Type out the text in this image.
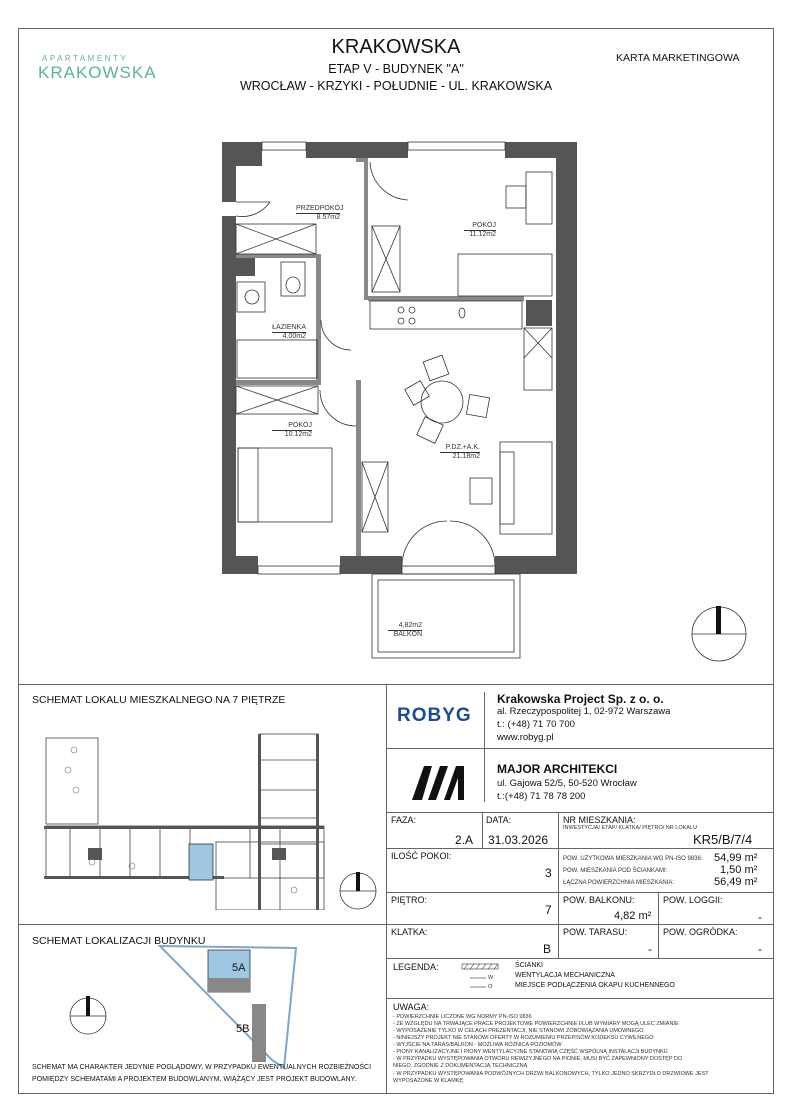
APARTAMENTY
KRAKOWSKA
KRAKOWSKA
ETAP V - BUDYNEK "A"
WROCŁAW - KRZYKI - POŁUDNIE - UL. KRAKOWSKA
KARTA MARKETINGOWA
PRZEDPOKÓJ
8.57m2
POKÓJ
11.12m2
ŁAZIENKA
4.00m2
POKÓJ
10.12m2
P.DZ.+A.K.
21.18m2
4,82m2
BALKON
SCHEMAT LOKALU MIESZKALNEGO NA 7 PIĘTRZE
SCHEMAT LOKALIZACJI BUDYNKU
5A
5B
SCHEMAT MA CHARAKTER JEDYNIE POGLĄDOWY, W PRZYPADKU EWENTUALNYCH ROZBIEŻNOŚCI
POMIĘDZY SCHEMATAMI A PROJEKTEM BUDOWLANYM, WIĄŻĄCY JEST PROJEKT BUDOWLANY.
ROBYG
Krakowska Project Sp. z o. o.
al. Rzeczypospolitej 1, 02-972 Warszawa
t.: (+48) 71 70 700
www.robyg.pl
MAJOR ARCHITEKCI
ul. Gajowa 52/5, 50-520 Wrocław
t.:(+48) 71 78 78 200
FAZA:
2.A
DATA:
31.03.2026
NR MIESZKANIA:
INWESTYCJA/ ETAP/ KLATKA/ PIĘTRO/ NR LOKALU
KR5/B/7/4
ILOŚĆ POKOI:
3
POW. UŻYTKOWA MIESZKANIA WG PN-ISO 9836: 54,99 m²
POW. MIESZKANIA POD ŚCIANKAMI:	1,50 m²
ŁĄCZNA POWIERZCHNIA MIESZKANIA:	56,49 m²
PIĘTRO:
7
POW. BALKONU:
4,82 m²
POW. LOGGII:
-
KLATKA:
B
POW. TARASU:
-
POW. OGRÓDKA:
-
LEGENDA:
W
O
ŚCIANKI
WENTYLACJA MECHANICZNA
MIEJSCE PODŁĄCZENIA OKAPU KUCHENNEGO
UWAGA:
- POWIERZCHNIE LICZONE WG NORMY PN-ISO 9836
- ZE WZGLĘDU NA TRWAJĄCE PRACE PROJEKTOWE POWIERZCHNIE I/LUB WYMIARY MOGĄ ULEC ZMIANIE
- WYPOSAŻENIE TYLKO W CELACH PREZENTACJI, NIE STANOWI ZOBOWIĄZANIA UMOWNEGO
- NINIEJSZY PROJEKT NIE STANOWI OFERTY W ROZUMIENIU PRZEPISÓW KODEKSU CYWILNEGO
- WYJŚCIE NA TARAS/BALKON - MOŻLIWA RÓŻNICA POZIOMÓW
- PIONY KANALIZACYJNE I PIONY WENTYLACYJNE STANOWIĄ CZĘŚĆ WSPÓLNĄ INSTALACJI BUDYNKU
- W PRZYPADKU WYSTĘPOWANIA OTWORU REWIZYJNEGO NA PIONIE, MUSI BYĆ ZAPEWNIONY DOSTĘP DO
NIEGO, ZGODNIE Z DOKUMENTACJĄ TECHNICZNĄ
- W PRZYPADKU WYSTĘPOWANIA PODWÓJNYCH DRZWI BALKONOWYCH, TYLKO JEDNO SKRZYDŁO DRZWIOWE JEST
WYPOSAŻONE W KLAMKĘ
